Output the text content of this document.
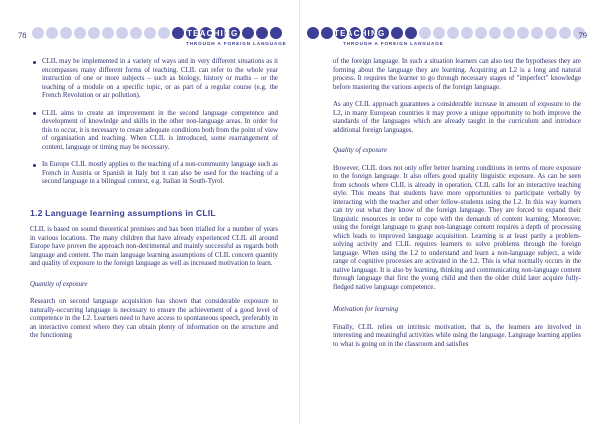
78	TEACHING
THROUGH A FOREIGN LANGUAGE
CLIL may be implemented in a variety of ways and in very different situations as it encompasses many different forms of teaching. CLIL can refer to the whole year instruction of one or more subjects – such as biology, history or maths – or the teaching of a module on a specific topic, or as part of a regular course (e.g. the French Revolution or air pollution).
CLIL aims to create an improvement in the second language competence and development of knowledge and skills in the other non-language areas. In order for this to occur, it is necessary to create adequate conditions both from the point of view of organisation and teaching. When CLIL is introduced, some rearrangement of content, language or timing may be necessary.
In Europe CLIL mostly applies to the teaching of a non-community language such as French in Austria or Spanish in Italy but it can also be used for the teaching of a second language in a bilingual context, e.g. Italian in South-Tyrol.
1.2 Language learning assumptions in CLIL
CLIL is based on sound theoretical premises and has been trialled for a number of years in various locations. The many children that have already experienced CLIL all around Europe have proven the approach non-detrimental and mainly successful as regards both language and content. The main language learning assumptions of CLIL concern quantity and quality of exposure to the foreign language as well as increased motivation to learn.
Quantity of exposure
Research on second language acquisition has shown that considerable exposure to naturally-occurring language is necessary to ensure the achievement of a good level of competence in the L2. Learners need to have access to spontaneous speech, preferably in an interactive context where they can obtain plenty of information on the structure and the functioning
TEACHING
THROUGH A FOREIGN LANGUAGE
79
of the foreign language. In such a situation learners can also test the hypotheses they are forming about the language they are learning. Acquiring an L2 is a long and natural process. It requires the learner to go through necessary stages of "imperfect" knowledge before mastering the various aspects of the foreign language.
As any CLIL approach guarantees a considerable increase in amount of exposure to the L2, in many European countries it may prove a unique opportunity to both improve the standards of the languages which are already taught in the curriculum and introduce additional foreign languages.
Quality of exposure
However, CLIL does not only offer better learning conditions in terms of more exposure to the foreign language. It also offers good quality linguistic exposure. As can be seen from schools where CLIL is already in operation, CLIL calls for an interactive teaching style. This means that students have more opportunities to participate verbally by interacting with the teacher and other fellow-students using the L2. In this way learners can try out what they know of the foreign language. They are forced to expand their linguistic resources in order to cope with the demands of content learning. Moreover, using the foreign language to grasp non-language content requires a depth of processing which leads to improved language acquisition. Learning is at least partly a problem-solving activity and CLIL requires learners to solve problems through the foreign language. When using the L2 to understand and learn a non-language subject, a wide range of cognitive processes are activated in the L2. This is what normally occurs in the native language. It is also by learning, thinking and communicating non-language content through language that first the young child and then the older child later acquire fully-fledged native language competence.
Motivation for learning
Finally, CLIL relies on intrinsic motivation, that is, the learners are involved in interesting and meaningful activities while using the language. Language learning applies to what is going on in the classroom and satisfies
